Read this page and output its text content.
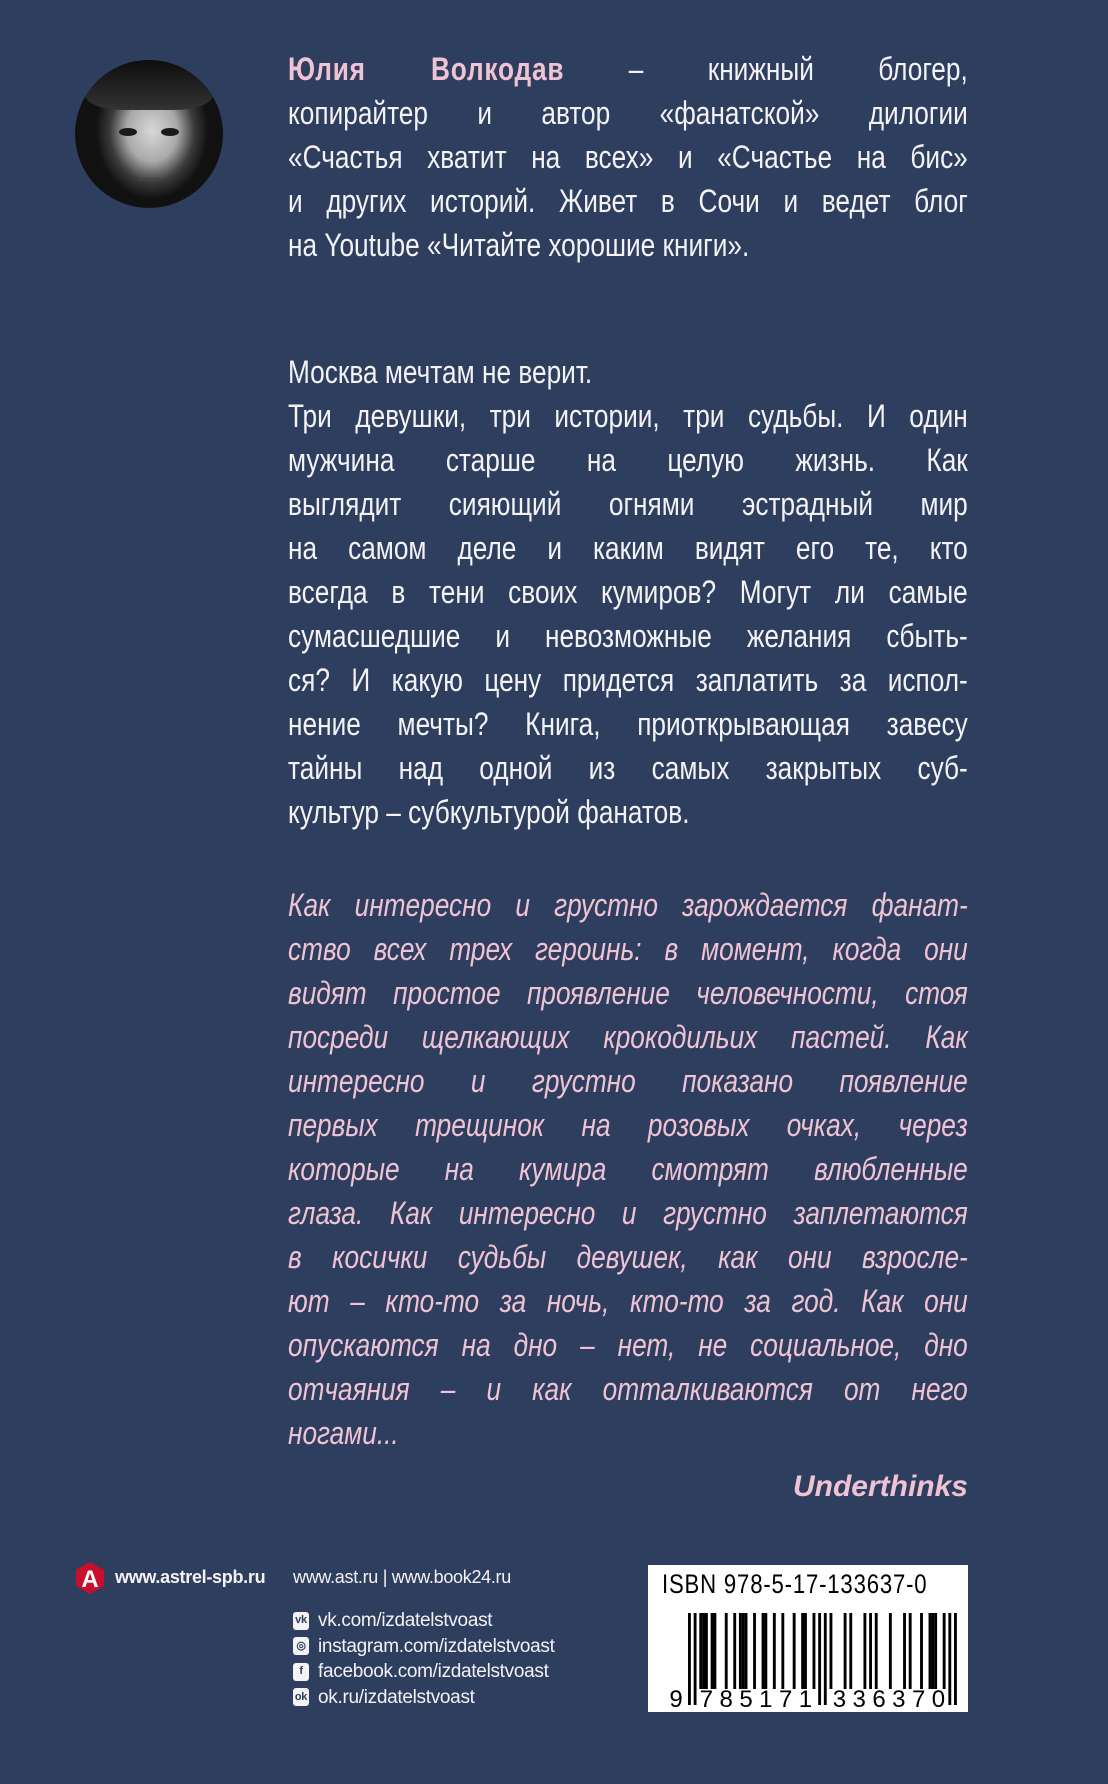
Юлия Волкодав – книжный блогер,
копирайтер и автор «фанатской» дилогии
«Счастья хватит на всех» и «Счастье на бис»
и других историй. Живет в Сочи и ведет блог
на Youtube «Читайте хорошие книги».
Москва мечтам не верит.
Три девушки, три истории, три судьбы. И один
мужчина старше на целую жизнь. Как
выглядит сияющий огнями эстрадный мир
на самом деле и каким видят его те, кто
всегда в тени своих кумиров? Могут ли самые
сумасшедшие и невозможные желания сбыть-
ся? И какую цену придется заплатить за испол-
нение мечты? Книга, приоткрывающая завесу
тайны над одной из самых закрытых суб-
культур – субкультурой фанатов.
Как интересно и грустно зарождается фанат-
ство всех трех героинь: в момент, когда они
видят простое проявление человечности, стоя
посреди щелкающих крокодильих пастей. Как
интересно и грустно показано появление
первых трещинок на розовых очках, через
которые на кумира смотрят влюбленные
глаза. Как интересно и грустно заплетаются
в косички судьбы девушек, как они взросле-
ют – кто-то за ночь, кто-то за год. Как они
опускаются на дно – нет, не социальное, дно
отчаяния – и как отталкиваются от него
ногами...
Underthinks
А www.astrel-spb.ru www.ast.ru | www.book24.ru
vk vk.com/izdatelstvoast
◎ instagram.com/izdatelstvoast
f facebook.com/izdatelstvoast
ok ok.ru/izdatelstvoast
ISBN 978-5-17-133637-0
9 7 8 5 1 7 1 3 3 6 3 7 0
